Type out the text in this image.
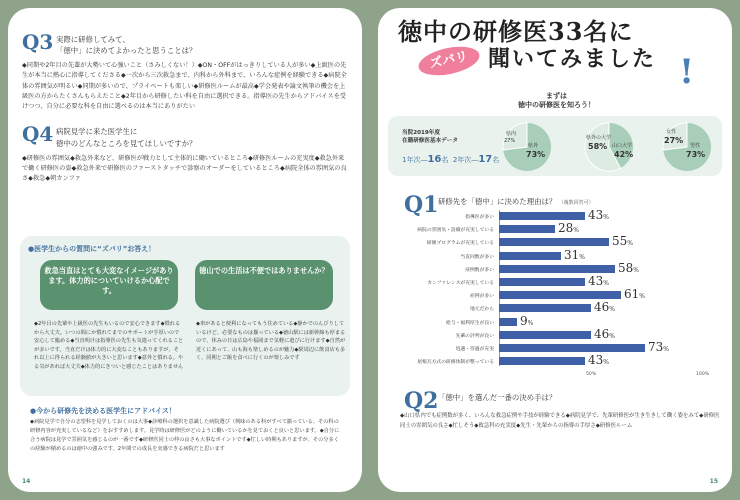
Q3 実際に研修してみて、
「徳中」に決めてよかったと思うことは？
◆同期や2年目の先輩が大勢いて心強いこと（さみしくない！）◆ON・OFFがはっきりしている人が多い◆上級医の先生が本当に熱心に指導してくださる◆一次から三次救急まで、内科から外科まで、いろんな症例を経験できる◆病院全体の雰囲気が明るい◆同期が多いので、プライベートも楽しい◆研修医ルームが最高◆学会発表や論文執筆の機会を上級医の方からたくさんもらえたこと◆2年目から研修したい科を自由に選択できる。指導医の先生からアドバイスを受けつつ、自分に必要な科を自由に選べるのは本当にありがたい
Q4 病院見学に来た医学生に
徳中のどんなところを見てほしいですか？
◆研修医の雰囲気◆救急外来など、研修医が戦力として主体的に働いているところ◆研修医ルームの充実度◆救急外来で働く研修医の姿◆救急外来で研修医のファーストタッチで診察のオーダーをしているところ◆病院全体の雰囲気の良さ◆救急◆朝カンファ
●医学生からの質問に“ズバリ”お答え！
救急当直はとても大変なイメージがあります。体力的についていけるか心配です。
徳山での生活は不便ではありませんか？
◆2年目の先輩や上級医の先生もいるので安心できます◆慣れるから大丈夫。いつの間にか慣れてまでのサポートが手厚いので安心して臨める◆当直明けは指導医の先生も気遣ってくれることが多いです。当直だけは体力的に大変なこともありますが、それ以上に得られる経験値が大きいと思います◆意外と慣れる。やる気があれば大丈夫◆体力的にきついと感じたことはありません
◆車があると便利になってもう住めている◆静かでのんびりしているけど、必要なものは揃っている◆徳山駅には新幹線も停まるので、休みの日は広島や福岡まで気軽に遊びに行けます◆自然が近くにあって、山も海も楽しめるのが魅力◆駅周辺に飲食店も多く、同期とご飯を食べに行くのが楽しみです
●今から研修先を決める医学生にアドバイス！
◆病院見学で自分の志望科を見学しておくのは大事◆診療科の選択を意識した病院選び（興味のある科がすべて揃っている、その科の研修内容が充実しているなど）をおすすめします。見学時は研修医がどのように働いているかを見ておくと良いと思います。◆自分に合う病院は見学で雰囲気を感じるのが一番です◆研修医同士の仲の良さも大事なポイントです◆忙しい時期もありますが、その分多くの経験が積めるのは徳中の強みです。2年間での成長を実感できる病院だと思います
14
徳中の研修医33名に
ズバリ 聞いてみました !
まずは
徳中の研修医を知ろう！
当院2019年度
在籍研修医基本データ
1年次―16名 2年次―17名
県内
27%
県外
73%
県外の大学
58% 山口大学
42%
女性
27%
男性
73%
Q1 研修先を「徳中」に決めた理由は？ （複数回答可）
指導医が多い	43%
病院の雰囲気・設備が充実している	28%
研修プログラムが充実している	55%
当直回数が多い	31%
症例数が多い	58%
カンファレンスが充実している	43%
症例が多い	61%
地元だから	46%
給与・福利厚生が良い 9%
先輩の評判が良い	46%
処遇・待遇が充実	73%
屋根瓦方式の研修体制が整っている	43%
50%	100%
Q2 「徳中」を選んだ一番の決め手は？
◆山口県内でも症例数が多く、いろんな救急症例や手技が経験できる◆病院見学で、先輩研修医が生き生きして働く姿をみて◆研修医同士の雰囲気の良さ◆忙しそう◆救急科の充実度◆先生・先輩からの指導の手厚さ◆研修医ルーム
15
